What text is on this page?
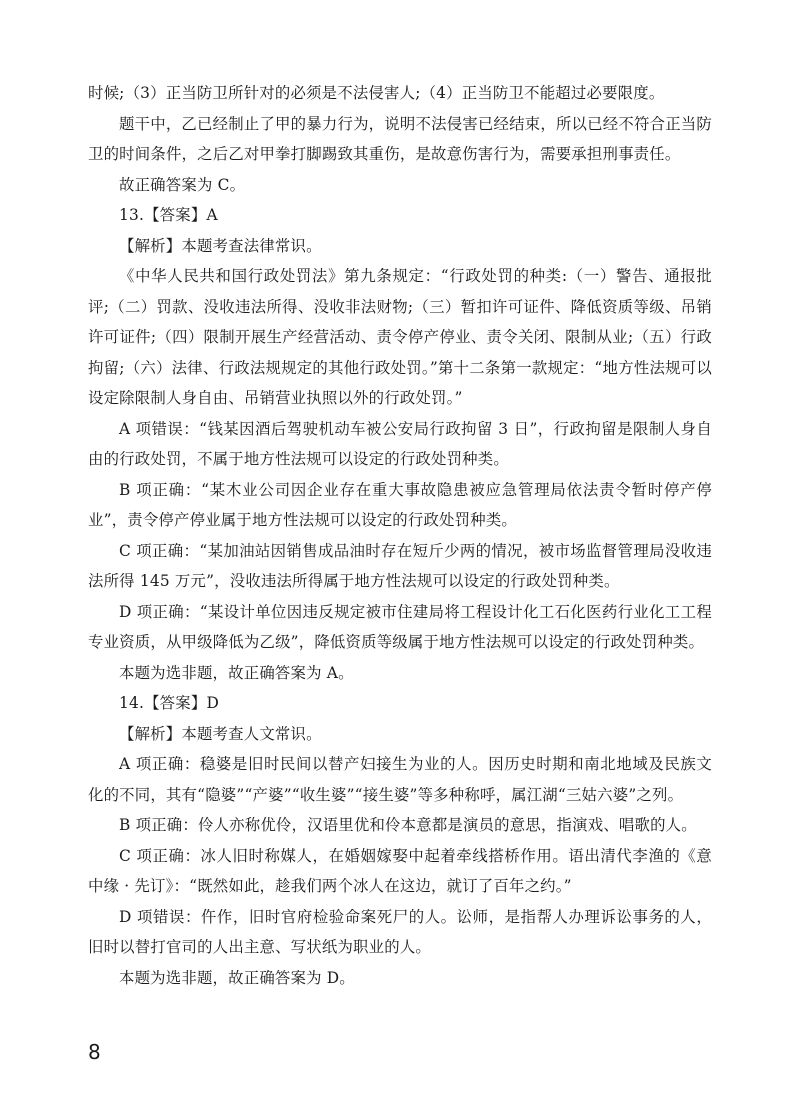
时候;（3）正当防卫所针对的必须是不法侵害人;（4）正当防卫不能超过必要限度。

题干中，乙已经制止了甲的暴力行为，说明不法侵害已经结束，所以已经不符合正当防卫的时间条件，之后乙对甲拳打脚踢致其重伤，是故意伤害行为，需要承担刑事责任。

故正确答案为 C。

13.【答案】A

【解析】本题考查法律常识。

《中华人民共和国行政处罚法》第九条规定：“行政处罚的种类:（一）警告、通报批评;（二）罚款、没收违法所得、没收非法财物;（三）暂扣许可证件、降低资质等级、吊销许可证件;（四）限制开展生产经营活动、责令停产停业、责令关闭、限制从业;（五）行政拘留;（六）法律、行政法规规定的其他行政处罚。”第十二条第一款规定：“地方性法规可以设定除限制人身自由、吊销营业执照以外的行政处罚。”

A 项错误：“钱某因酒后驾驶机动车被公安局行政拘留 3 日”，行政拘留是限制人身自由的行政处罚，不属于地方性法规可以设定的行政处罚种类。

B 项正确：“某木业公司因企业存在重大事故隐患被应急管理局依法责令暂时停产停业”，责令停产停业属于地方性法规可以设定的行政处罚种类。

C 项正确：“某加油站因销售成品油时存在短斤少两的情况，被市场监督管理局没收违法所得 145 万元”，没收违法所得属于地方性法规可以设定的行政处罚种类。

D 项正确：“某设计单位因违反规定被市住建局将工程设计化工石化医药行业化工工程专业资质，从甲级降低为乙级”，降低资质等级属于地方性法规可以设定的行政处罚种类。

本题为选非题，故正确答案为 A。

14.【答案】D

【解析】本题考查人文常识。

A 项正确：稳婆是旧时民间以替产妇接生为业的人。因历史时期和南北地域及民族文化的不同，其有“隐婆”“产婆”“收生婆”“接生婆”等多种称呼，属江湖“三姑六婆”之列。

B 项正确：伶人亦称优伶，汉语里优和伶本意都是演员的意思，指演戏、唱歌的人。

C 项正确：冰人旧时称媒人，在婚姻嫁娶中起着牵线搭桥作用。语出清代李渔的《意中缘 · 先订》：“既然如此，趁我们两个冰人在这边，就订了百年之约。”

D 项错误：仵作，旧时官府检验命案死尸的人。讼师，是指帮人办理诉讼事务的人，旧时以替打官司的人出主意、写状纸为职业的人。

本题为选非题，故正确答案为 D。

8
